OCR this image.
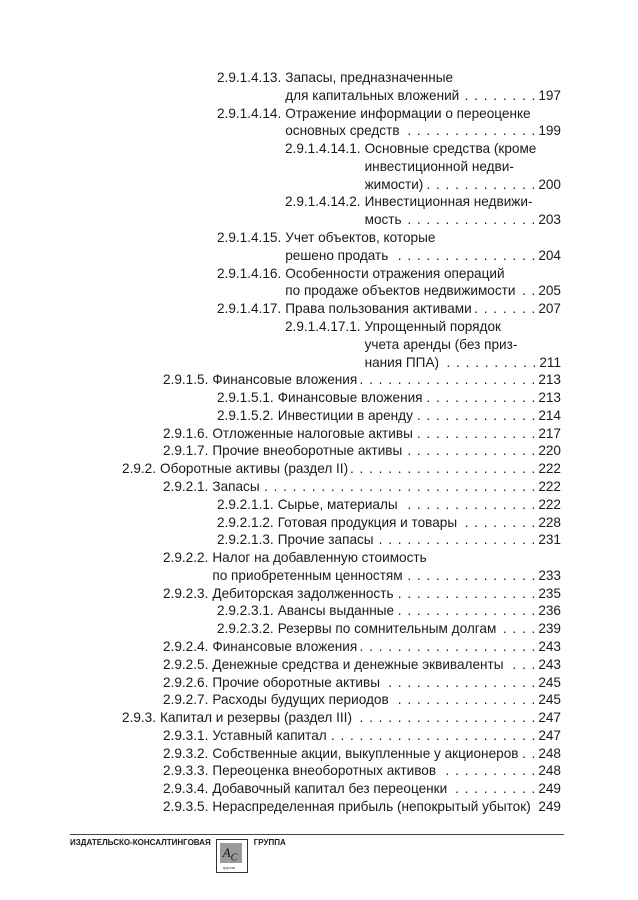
2.9.1.4.13. Запасы, предназначенные
для капитальных вложений . . .	197
2.9.1.4.14. Отражение информации о переоценке
основных средств . . .	199
2.9.1.4.14.1. Основные средства (кроме
инвестиционной недви-
жимости) . . .	200
2.9.1.4.14.2. Инвестиционная недвижи-
мость . . .	203
2.9.1.4.15. Учет объектов, которые
решено продать . . .	204
2.9.1.4.16. Особенности отражения операций
по продаже объектов недвижимости . . . 205
2.9.1.4.17. Права пользования активами . . .	207
2.9.1.4.17.1. Упрощенный порядок
учета аренды (без приз-
нания ППА) . . .	211
2.9.1.5. Финансовые вложения . . .	213
2.9.1.5.1. Финансовые вложения . . .	213
2.9.1.5.2. Инвестиции в аренду . . .	214
2.9.1.6. Отложенные налоговые активы . . .	217
2.9.1.7. Прочие внеоборотные активы . . .	220
2.9.2. Оборотные активы (раздел II) . . .	222
2.9.2.1. Запасы . . .	222
2.9.2.1.1. Сырье, материалы . . .	222
2.9.2.1.2. Готовая продукция и товары . . .	228
2.9.2.1.3. Прочие запасы . . .	231
2.9.2.2. Налог на добавленную стоимость
по приобретенным ценностям . . .	233
2.9.2.3. Дебиторская задолженность . . .	235
2.9.2.3.1. Авансы выданные . . .	236
2.9.2.3.2. Резервы по сомнительным долгам . . .	239
2.9.2.4. Финансовые вложения . . .	243
2.9.2.5. Денежные средства и денежные эквиваленты . . .	243
2.9.2.6. Прочие оборотные активы . . .	245
2.9.2.7. Расходы будущих периодов . . .	245
2.9.3. Капитал и резервы (раздел III) . . .	247
2.9.3.1. Уставный капитал . . .	247
2.9.3.2. Собственные акции, выкупленные у акционеров . . . 248
2.9.3.3. Переоценка внеоборотных активов . . .	248
2.9.3.4. Добавочный капитал без переоценки . . .	249
2.9.3.5. Нераспределенная прибыль (непокрытый убыток) . . . 249
ИЗДАТЕЛЬСКО-КОНСАЛТИНГОВАЯ
$A_C$
группа
ГРУППА
